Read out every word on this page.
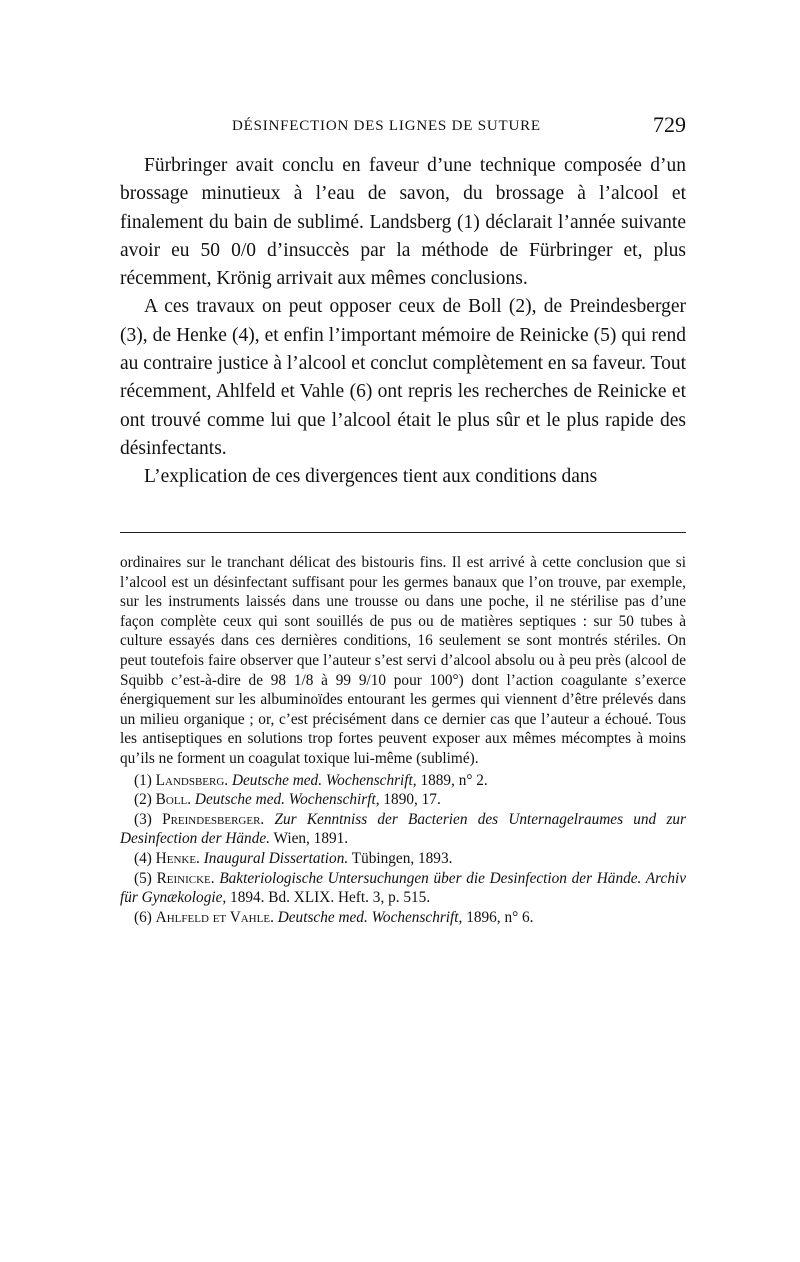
DÉSINFECTION DES LIGNES DE SUTURE	729

Fürbringer avait conclu en faveur d’une technique composée d’un brossage minutieux à l’eau de savon, du brossage à l’alcool et finalement du bain de sublimé. Landsberg (1) déclarait l’année suivante avoir eu 50 0/0 d’insuccès par la méthode de Fürbringer et, plus récemment, Krönig arrivait aux mêmes conclusions.

A ces travaux on peut opposer ceux de Boll (2), de Preindesberger (3), de Henke (4), et enfin l’important mémoire de Reinicke (5) qui rend au contraire justice à l’alcool et conclut complètement en sa faveur. Tout récemment, Ahlfeld et Vahle (6) ont repris les recherches de Reinicke et ont trouvé comme lui que l’alcool était le plus sûr et le plus rapide des désinfectants.

L’explication de ces divergences tient aux conditions dans

ordinaires sur le tranchant délicat des bistouris fins. Il est arrivé à cette conclusion que si l’alcool est un désinfectant suffisant pour les germes banaux que l’on trouve, par exemple, sur les instruments laissés dans une trousse ou dans une poche, il ne stérilise pas d’une façon complète ceux qui sont souillés de pus ou de matières septiques : sur 50 tubes à culture essayés dans ces dernières conditions, 16 seulement se sont montrés stériles. On peut toutefois faire observer que l’auteur s’est servi d’alcool absolu ou à peu près (alcool de Squibb c’est-à-dire de 98 1/8 à 99 9/10 pour 100°) dont l’action coagulante s’exerce énergiquement sur les albuminoïdes entourant les germes qui viennent d’être prélevés dans un milieu organique ; or, c’est précisément dans ce dernier cas que l’auteur a échoué. Tous les antiseptiques en solutions trop fortes peuvent exposer aux mêmes mécomptes à moins qu’ils ne forment un coagulat toxique lui-même (sublimé).

(1) Landsberg. Deutsche med. Wochenschrift, 1889, n° 2.

(2) Boll. Deutsche med. Wochenschirft, 1890, 17.

(3) Preindesberger. Zur Kenntniss der Bacterien des Unternagelraumes und zur Desinfection der Hände. Wien, 1891.

(4) Henke. Inaugural Dissertation. Tübingen, 1893.

(5) Reinicke. Bakteriologische Untersuchungen über die Desinfection der Hände. Archiv für Gynækologie, 1894. Bd. XLIX. Heft. 3, p. 515.

(6) Ahlfeld et Vahle. Deutsche med. Wochenschrift, 1896, n° 6.
